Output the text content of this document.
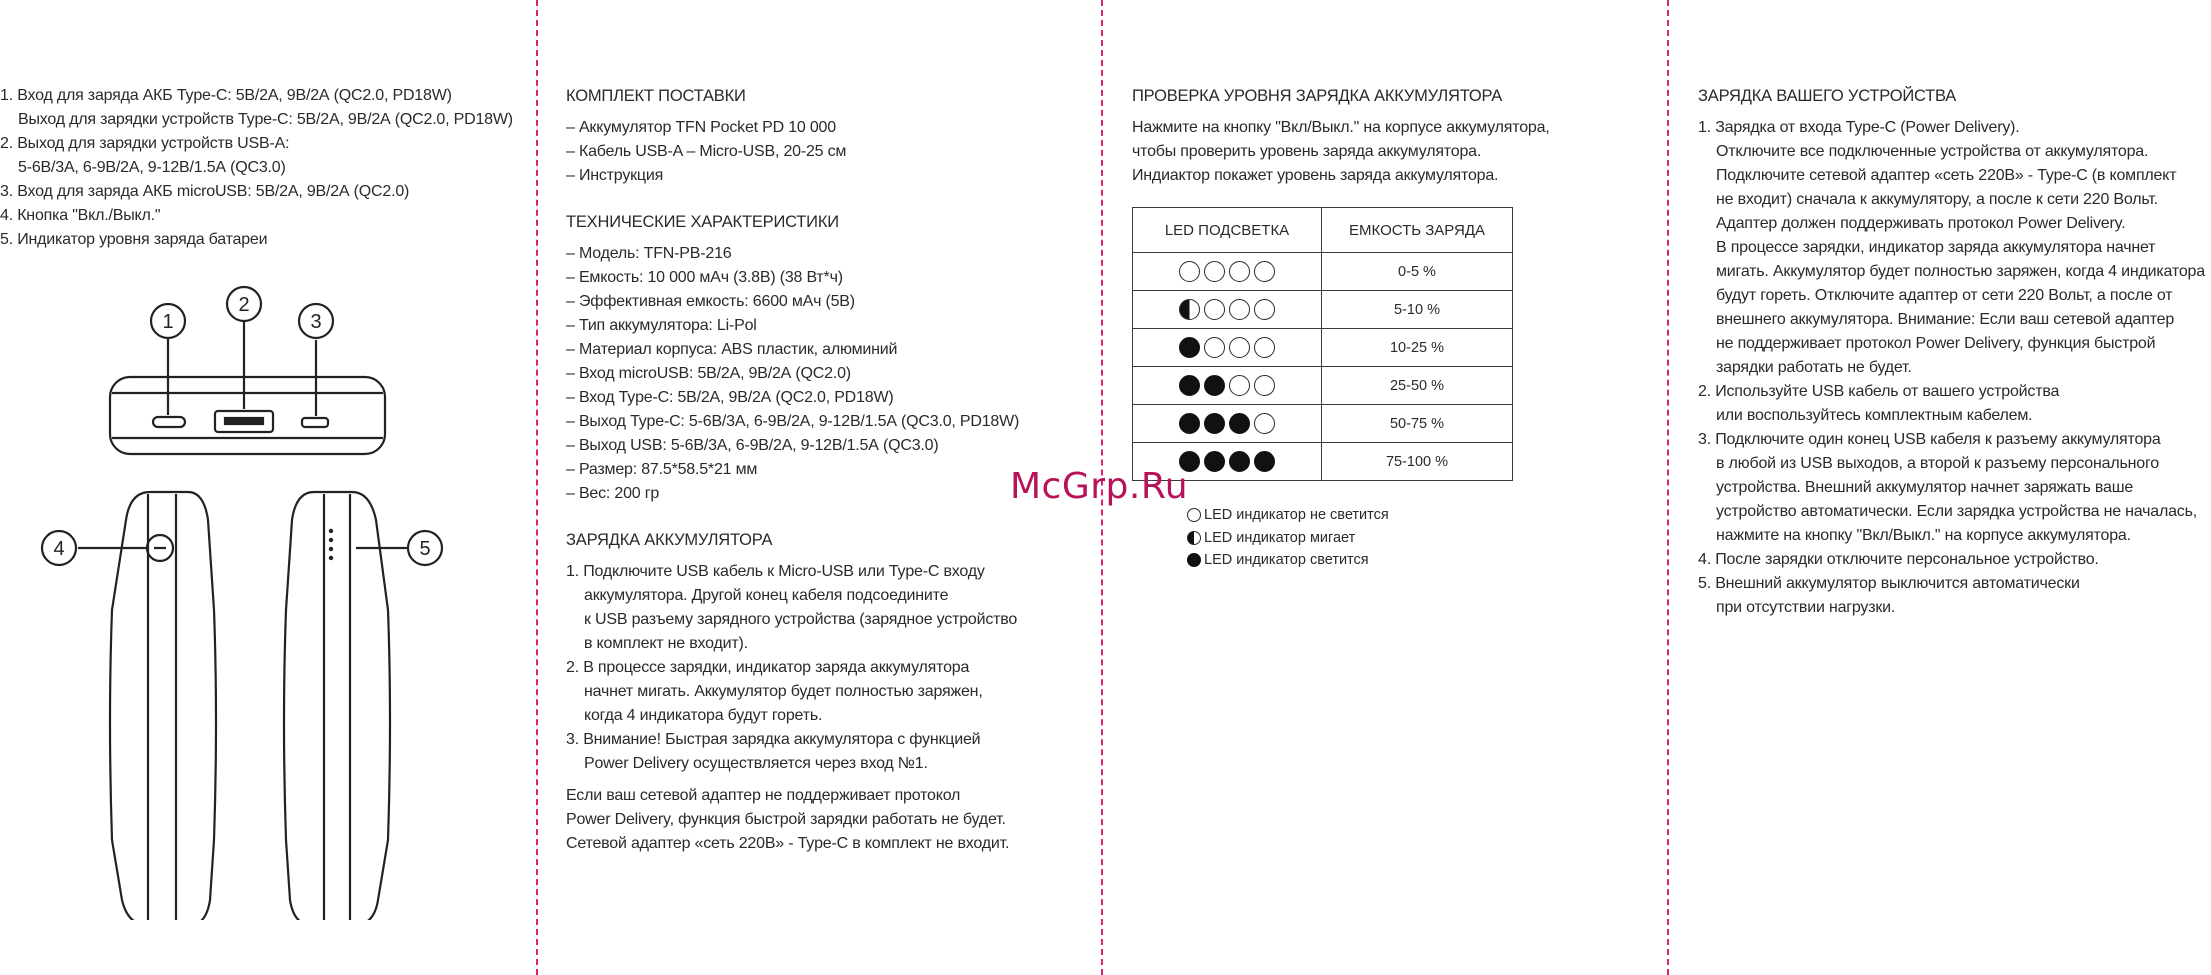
1. Вход для заряда АКБ Type-C: 5В/2А, 9В/2А (QC2.0, PD18W)
Выход для зарядки устройств Type-C: 5В/2А, 9В/2А (QC2.0, PD18W)
2. Выход для зарядки устройств USB-A:
5-6В/3А, 6-9В/2А, 9-12В/1.5А (QC3.0)
3. Вход для заряда АКБ microUSB: 5В/2А, 9В/2А (QC2.0)
4. Кнопка "Вкл./Выкл."
5. Индикатор уровня заряда батареи
1
2
3
4	5
КОМПЛЕКТ ПОСТАВКИ
– Аккумулятор TFN Pocket PD 10 000
– Кабель USB-A – Micro-USB, 20-25 см
– Инструкция
ТЕХНИЧЕСКИЕ ХАРАКТЕРИСТИКИ
– Модель: TFN-PB-216
– Емкость: 10 000 мАч (3.8В) (38 Вт*ч)
– Эффективная емкость: 6600 мАч (5В)
– Тип аккумулятора: Li-Pol
– Материал корпуса: ABS пластик, алюминий
– Вход microUSB: 5В/2А, 9В/2А (QC2.0)
– Вход Type-C: 5В/2А, 9В/2А (QC2.0, PD18W)
– Выход Type-C: 5-6В/3А, 6-9В/2А, 9-12В/1.5А (QC3.0, PD18W)
– Выход USB: 5-6В/3А, 6-9В/2А, 9-12В/1.5А (QC3.0)
– Размер: 87.5*58.5*21 мм
– Вес: 200 гр
ЗАРЯДКА АККУМУЛЯТОРА
1. Подключите USB кабель к Micro-USB или Type-C входу
аккумулятора. Другой конец кабеля подсоедините
к USB разъему зарядного устройства (зарядное устройство
в комплект не входит).
2. В процессе зарядки, индикатор заряда аккумулятора
начнет мигать. Аккумулятор будет полностью заряжен,
когда 4 индикатора будут гореть.
3. Внимание! Быстрая зарядка аккумулятора с функцией
Power Delivery осуществляется через вход №1.
Если ваш сетевой адаптер не поддерживает протокол
Power Delivery, функция быстрой зарядки работать не будет.
Сетевой адаптер «сеть 220В» - Type-C в комплект не входит.
ПРОВЕРКА УРОВНЯ ЗАРЯДКА АККУМУЛЯТОРА
Нажмите на кнопку "Вкл/Выкл." на корпусе аккумулятора,
чтобы проверить уровень заряда аккумулятора.
Индиактор покажет уровень заряда аккумулятора.
LED ПОДСВЕТКА	ЕМКОСТЬ ЗАРЯДА
	0-5 %
	5-10 %
	10-25 %
	25-50 %
	50-75 %
	75-100 %
LED индикатор не светится
LED индикатор мигает
LED индикатор светится
McGrp.Ru
ЗАРЯДКА ВАШЕГО УСТРОЙСТВА
1. Зарядка от входа Type-C (Power Delivery).
Отключите все подключенные устройства от аккумулятора.
Подключите сетевой адаптер «сеть 220В» - Type-C (в комплект
не входит) сначала к аккумулятору, а после к сети 220 Вольт.
Адаптер должен поддерживать протокол Power Delivery.
В процессе зарядки, индикатор заряда аккумулятора начнет
мигать. Аккумулятор будет полностью заряжен, когда 4 индикатора
будут гореть. Отключите адаптер от сети 220 Вольт, а после от
внешнего аккумулятора. Внимание: Если ваш сетевой адаптер
не поддерживает протокол Power Delivery, функция быстрой
зарядки работать не будет.
2. Используйте USB кабель от вашего устройства
или воспользуйтесь комплектным кабелем.
3. Подключите один конец USB кабеля к разъему аккумулятора
в любой из USB выходов, а второй к разъему персонального
устройства. Внешний аккумулятор начнет заряжать ваше
устройство автоматически. Если зарядка устройства не началась,
нажмите на кнопку "Вкл/Выкл." на корпусе аккумулятора.
4. После зарядки отключите персональное устройство.
5. Внешний аккумулятор выключится автоматически
при отсутствии нагрузки.
